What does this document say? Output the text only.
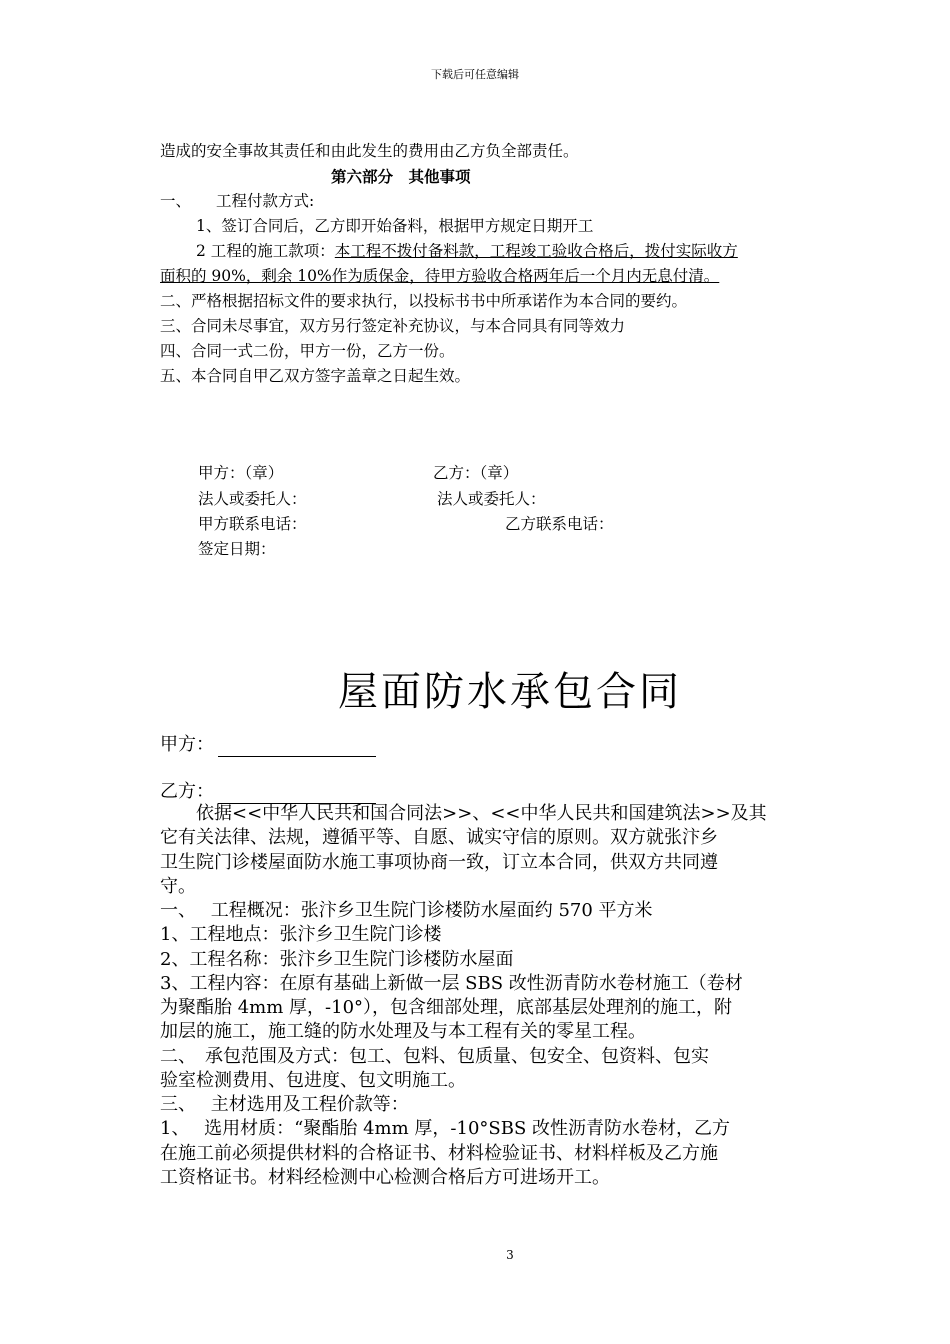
下载后可任意编辑
造成的安全事故其责任和由此发生的费用由乙方负全部责任。
第六部分　其他事项
一、 工程付款方式:
1、签订合同后，乙方即开始备料，根据甲方规定日期开工
2 工程的施工款项：本工程不拨付备料款，工程竣工验收合格后，拨付实际收方
面积的 90%，剩余 10%作为质保金，待甲方验收合格两年后一个月内无息付清。
二、严格根据招标文件的要求执行，以投标书书中所承诺作为本合同的要约。
三、合同未尽事宜，双方另行签定补充协议，与本合同具有同等效力
四、合同一式二份，甲方一份，乙方一份。
五、本合同自甲乙双方签字盖章之日起生效。
甲方：（章）	乙方：（章）
法人或委托人：	法人或委托人：
甲方联系电话：	乙方联系电话：
签定日期：
屋面防水承包合同
甲方：
乙方：
　　依据<<中华人民共和国合同法>>、<<中华人民共和国建筑法>>及其
它有关法律、法规，遵循平等、自愿、诚实守信的原则。双方就张汴乡
卫生院门诊楼屋面防水施工事项协商一致，订立本合同，供双方共同遵
守。
一、　 工程概况：张汴乡卫生院门诊楼防水屋面约 570 平方米
1、工程地点：张汴乡卫生院门诊楼
2、工程名称：张汴乡卫生院门诊楼防水屋面
3、工程内容：在原有基础上新做一层 SBS 改性沥青防水卷材施工（卷材
为聚酯胎 4mm 厚，-10°），包含细部处理，底部基层处理剂的施工，附
加层的施工，施工缝的防水处理及与本工程有关的零星工程。
二、　承包范围及方式：包工、包料、包质量、包安全、包资料、包实
验室检测费用、包进度、包文明施工。
三、　 主材选用及工程价款等：
1、　 选用材质：“聚酯胎 4mm 厚，-10°SBS 改性沥青防水卷材，乙方
在施工前必须提供材料的合格证书、材料检验证书、材料样板及乙方施
工资格证书。材料经检测中心检测合格后方可进场开工。
3
